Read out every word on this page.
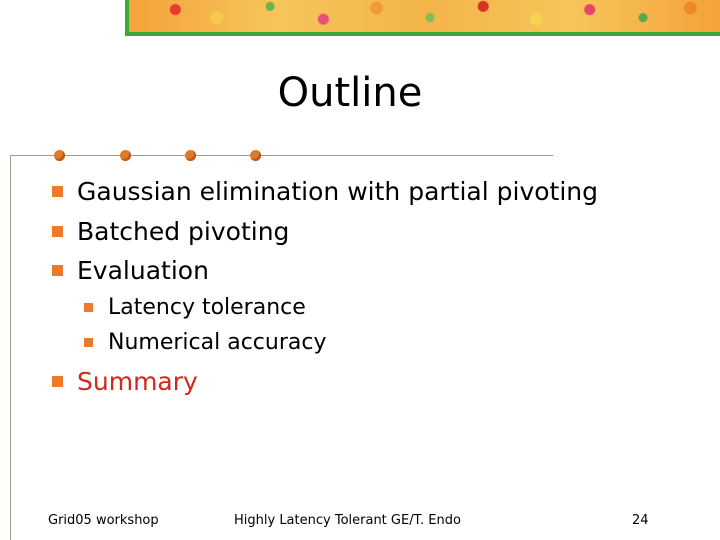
Outline
Gaussian elimination with partial pivoting
Batched pivoting
Evaluation
Latency tolerance
Numerical accuracy
Summary
Grid05 workshop	Highly Latency Tolerant GE/T. Endo	24
